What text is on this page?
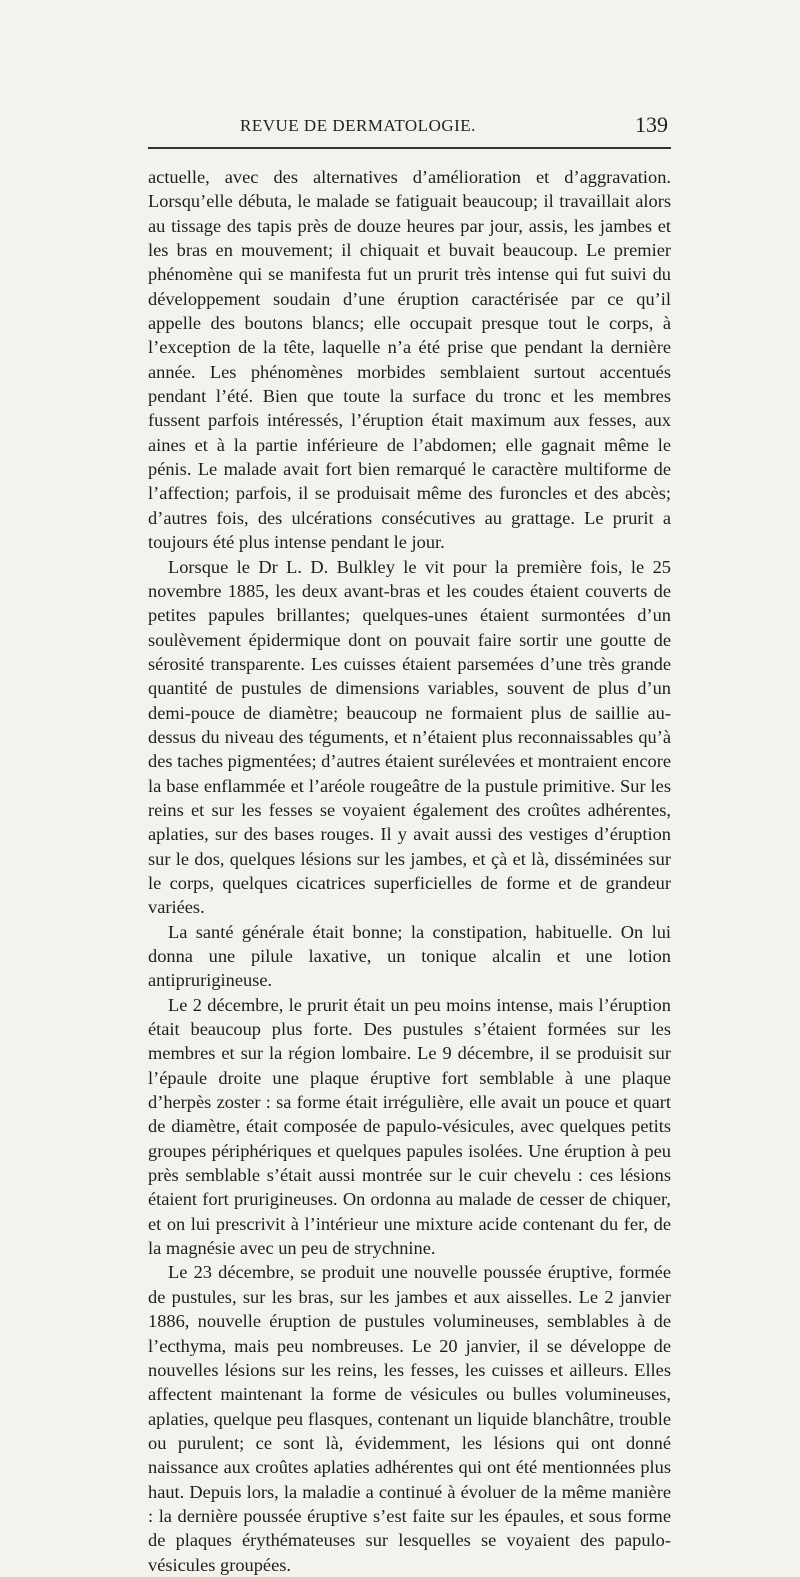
REVUE DE DERMATOLOGIE.	139

actuelle, avec des alternatives d’amélioration et d’aggravation. Lorsqu’elle débuta, le malade se fatiguait beaucoup; il travaillait alors au tissage des tapis près de douze heures par jour, assis, les jambes et les bras en mouvement; il chiquait et buvait beaucoup. Le premier phénomène qui se manifesta fut un prurit très intense qui fut suivi du développement soudain d’une éruption caractérisée par ce qu’il appelle des boutons blancs; elle occupait presque tout le corps, à l’exception de la tête, laquelle n’a été prise que pendant la dernière année. Les phénomènes morbides semblaient surtout accentués pendant l’été. Bien que toute la surface du tronc et les membres fussent parfois intéressés, l’éruption était maximum aux fesses, aux aines et à la partie inférieure de l’abdomen; elle gagnait même le pénis. Le malade avait fort bien remarqué le caractère multiforme de l’affection; parfois, il se produisait même des furoncles et des abcès; d’autres fois, des ulcérations consécutives au grattage. Le prurit a toujours été plus intense pendant le jour.

Lorsque le Dr L. D. Bulkley le vit pour la première fois, le 25 novembre 1885, les deux avant-bras et les coudes étaient couverts de petites papules brillantes; quelques-unes étaient surmontées d’un soulèvement épidermique dont on pouvait faire sortir une goutte de sérosité transparente. Les cuisses étaient parsemées d’une très grande quantité de pustules de dimensions variables, souvent de plus d’un demi-pouce de diamètre; beaucoup ne formaient plus de saillie au-dessus du niveau des téguments, et n’étaient plus reconnaissables qu’à des taches pigmentées; d’autres étaient surélevées et montraient encore la base enflammée et l’aréole rougeâtre de la pustule primitive. Sur les reins et sur les fesses se voyaient également des croûtes adhérentes, aplaties, sur des bases rouges. Il y avait aussi des vestiges d’éruption sur le dos, quelques lésions sur les jambes, et çà et là, disséminées sur le corps, quelques cicatrices superficielles de forme et de grandeur variées.

La santé générale était bonne; la constipation, habituelle. On lui donna une pilule laxative, un tonique alcalin et une lotion antiprurigineuse.

Le 2 décembre, le prurit était un peu moins intense, mais l’éruption était beaucoup plus forte. Des pustules s’étaient formées sur les membres et sur la région lombaire. Le 9 décembre, il se produisit sur l’épaule droite une plaque éruptive fort semblable à une plaque d’herpès zoster : sa forme était irrégulière, elle avait un pouce et quart de diamètre, était composée de papulo-vésicules, avec quelques petits groupes périphériques et quelques papules isolées. Une éruption à peu près semblable s’était aussi montrée sur le cuir chevelu : ces lésions étaient fort prurigineuses. On ordonna au malade de cesser de chiquer, et on lui prescrivit à l’intérieur une mixture acide contenant du fer, de la magnésie avec un peu de strychnine.

Le 23 décembre, se produit une nouvelle poussée éruptive, formée de pustules, sur les bras, sur les jambes et aux aisselles. Le 2 janvier 1886, nouvelle éruption de pustules volumineuses, semblables à de l’ecthyma, mais peu nombreuses. Le 20 janvier, il se développe de nouvelles lésions sur les reins, les fesses, les cuisses et ailleurs. Elles affectent maintenant la forme de vésicules ou bulles volumineuses, aplaties, quelque peu flasques, contenant un liquide blanchâtre, trouble ou purulent; ce sont là, évidemment, les lésions qui ont donné naissance aux croûtes aplaties adhérentes qui ont été mentionnées plus haut. Depuis lors, la maladie a continué à évoluer de la même manière : la dernière poussée éruptive s’est faite sur les épaules, et sous forme de plaques érythémateuses sur lesquelles se voyaient des papulo-vésicules groupées.
